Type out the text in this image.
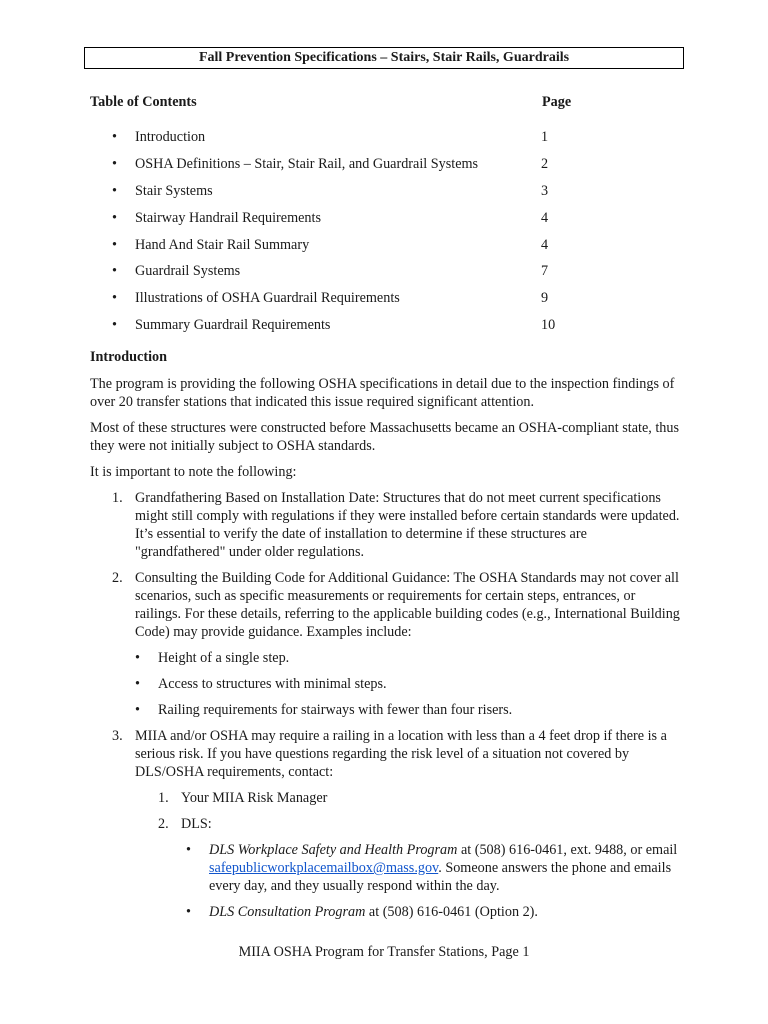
Fall Prevention Specifications – Stairs, Stair Rails, Guardrails
Table of Contents	Page
• Introduction	1
• OSHA Definitions – Stair, Stair Rail, and Guardrail Systems	2
• Stair Systems	3
• Stairway Handrail Requirements	4
• Hand And Stair Rail Summary	4
• Guardrail Systems	7
• Illustrations of OSHA Guardrail Requirements	9
• Summary Guardrail Requirements	10
Introduction

The program is providing the following OSHA specifications in detail due to the inspection findings of over 20 transfer stations that indicated this issue required significant attention.

Most of these structures were constructed before Massachusetts became an OSHA-compliant state, thus they were not initially subject to OSHA standards.

It is important to note the following:

1. Grandfathering Based on Installation Date: Structures that do not meet current specifications might still comply with regulations if they were installed before certain standards were updated. It’s essential to verify the date of installation to determine if these structures are "grandfathered" under older regulations.
2. Consulting the Building Code for Additional Guidance: The OSHA Standards may not cover all scenarios, such as specific measurements or requirements for certain steps, entrances, or railings. For these details, referring to the applicable building codes (e.g., International Building Code) may provide guidance. Examples include:
• Height of a single step.
• Access to structures with minimal steps.
• Railing requirements for stairways with fewer than four risers.
3. MIIA and/or OSHA may require a railing in a location with less than a 4 feet drop if there is a serious risk. If you have questions regarding the risk level of a situation not covered by DLS/OSHA requirements, contact:
1. Your MIIA Risk Manager
2. DLS:
• DLS Workplace Safety and Health Program at (508) 616-0461, ext. 9488, or email safepublicworkplacemailbox@mass.gov. Someone answers the phone and emails every day, and they usually respond within the day.
• DLS Consultation Program at (508) 616-0461 (Option 2).
MIIA OSHA Program for Transfer Stations, Page 1
